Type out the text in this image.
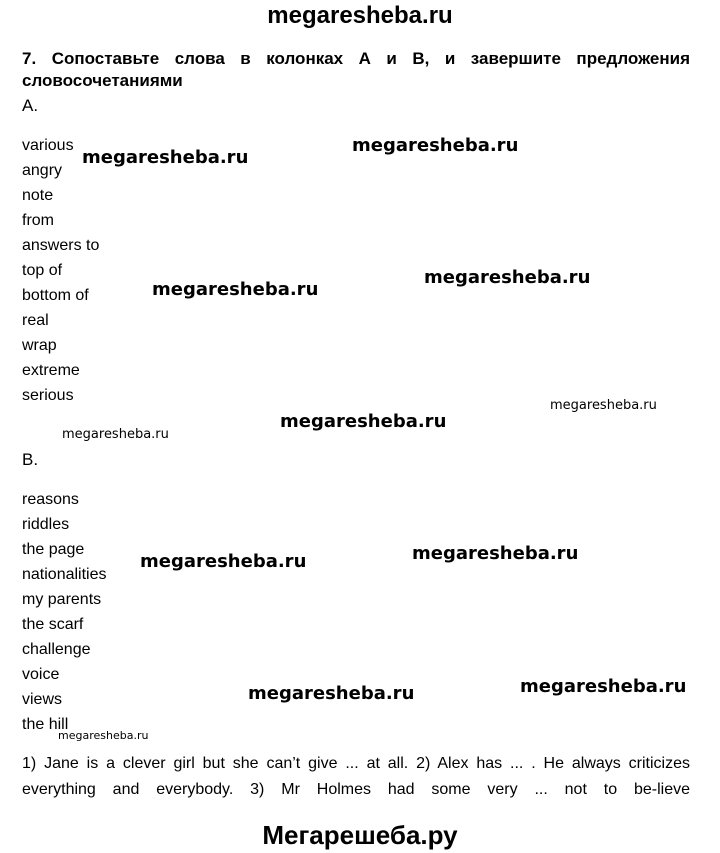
megaresheba.ru
7. Сопоставьте слова в колонках А и В, и завершите предложения словосочетаниями
A.
various
angry
note
from
answers to
top of
bottom of
real
wrap
extreme
serious
B.
reasons
riddles
the page
nationalities
my parents
the scarf
challenge
voice
views
the hill
megaresheba.ru
megaresheba.ru
megaresheba.ru
megaresheba.ru
megaresheba.ru
megaresheba.ru
megaresheba.ru
megaresheba.ru	megaresheba.ru
megaresheba.ru
megaresheba.ru
megaresheba.ru
1) Jane is a clever girl but she can’t give ... at all. 2) Alex has ... . He always criticizes everything and everybody. 3) Mr Holmes had some very ... not to be-lieve
Мегарешеба.ру
